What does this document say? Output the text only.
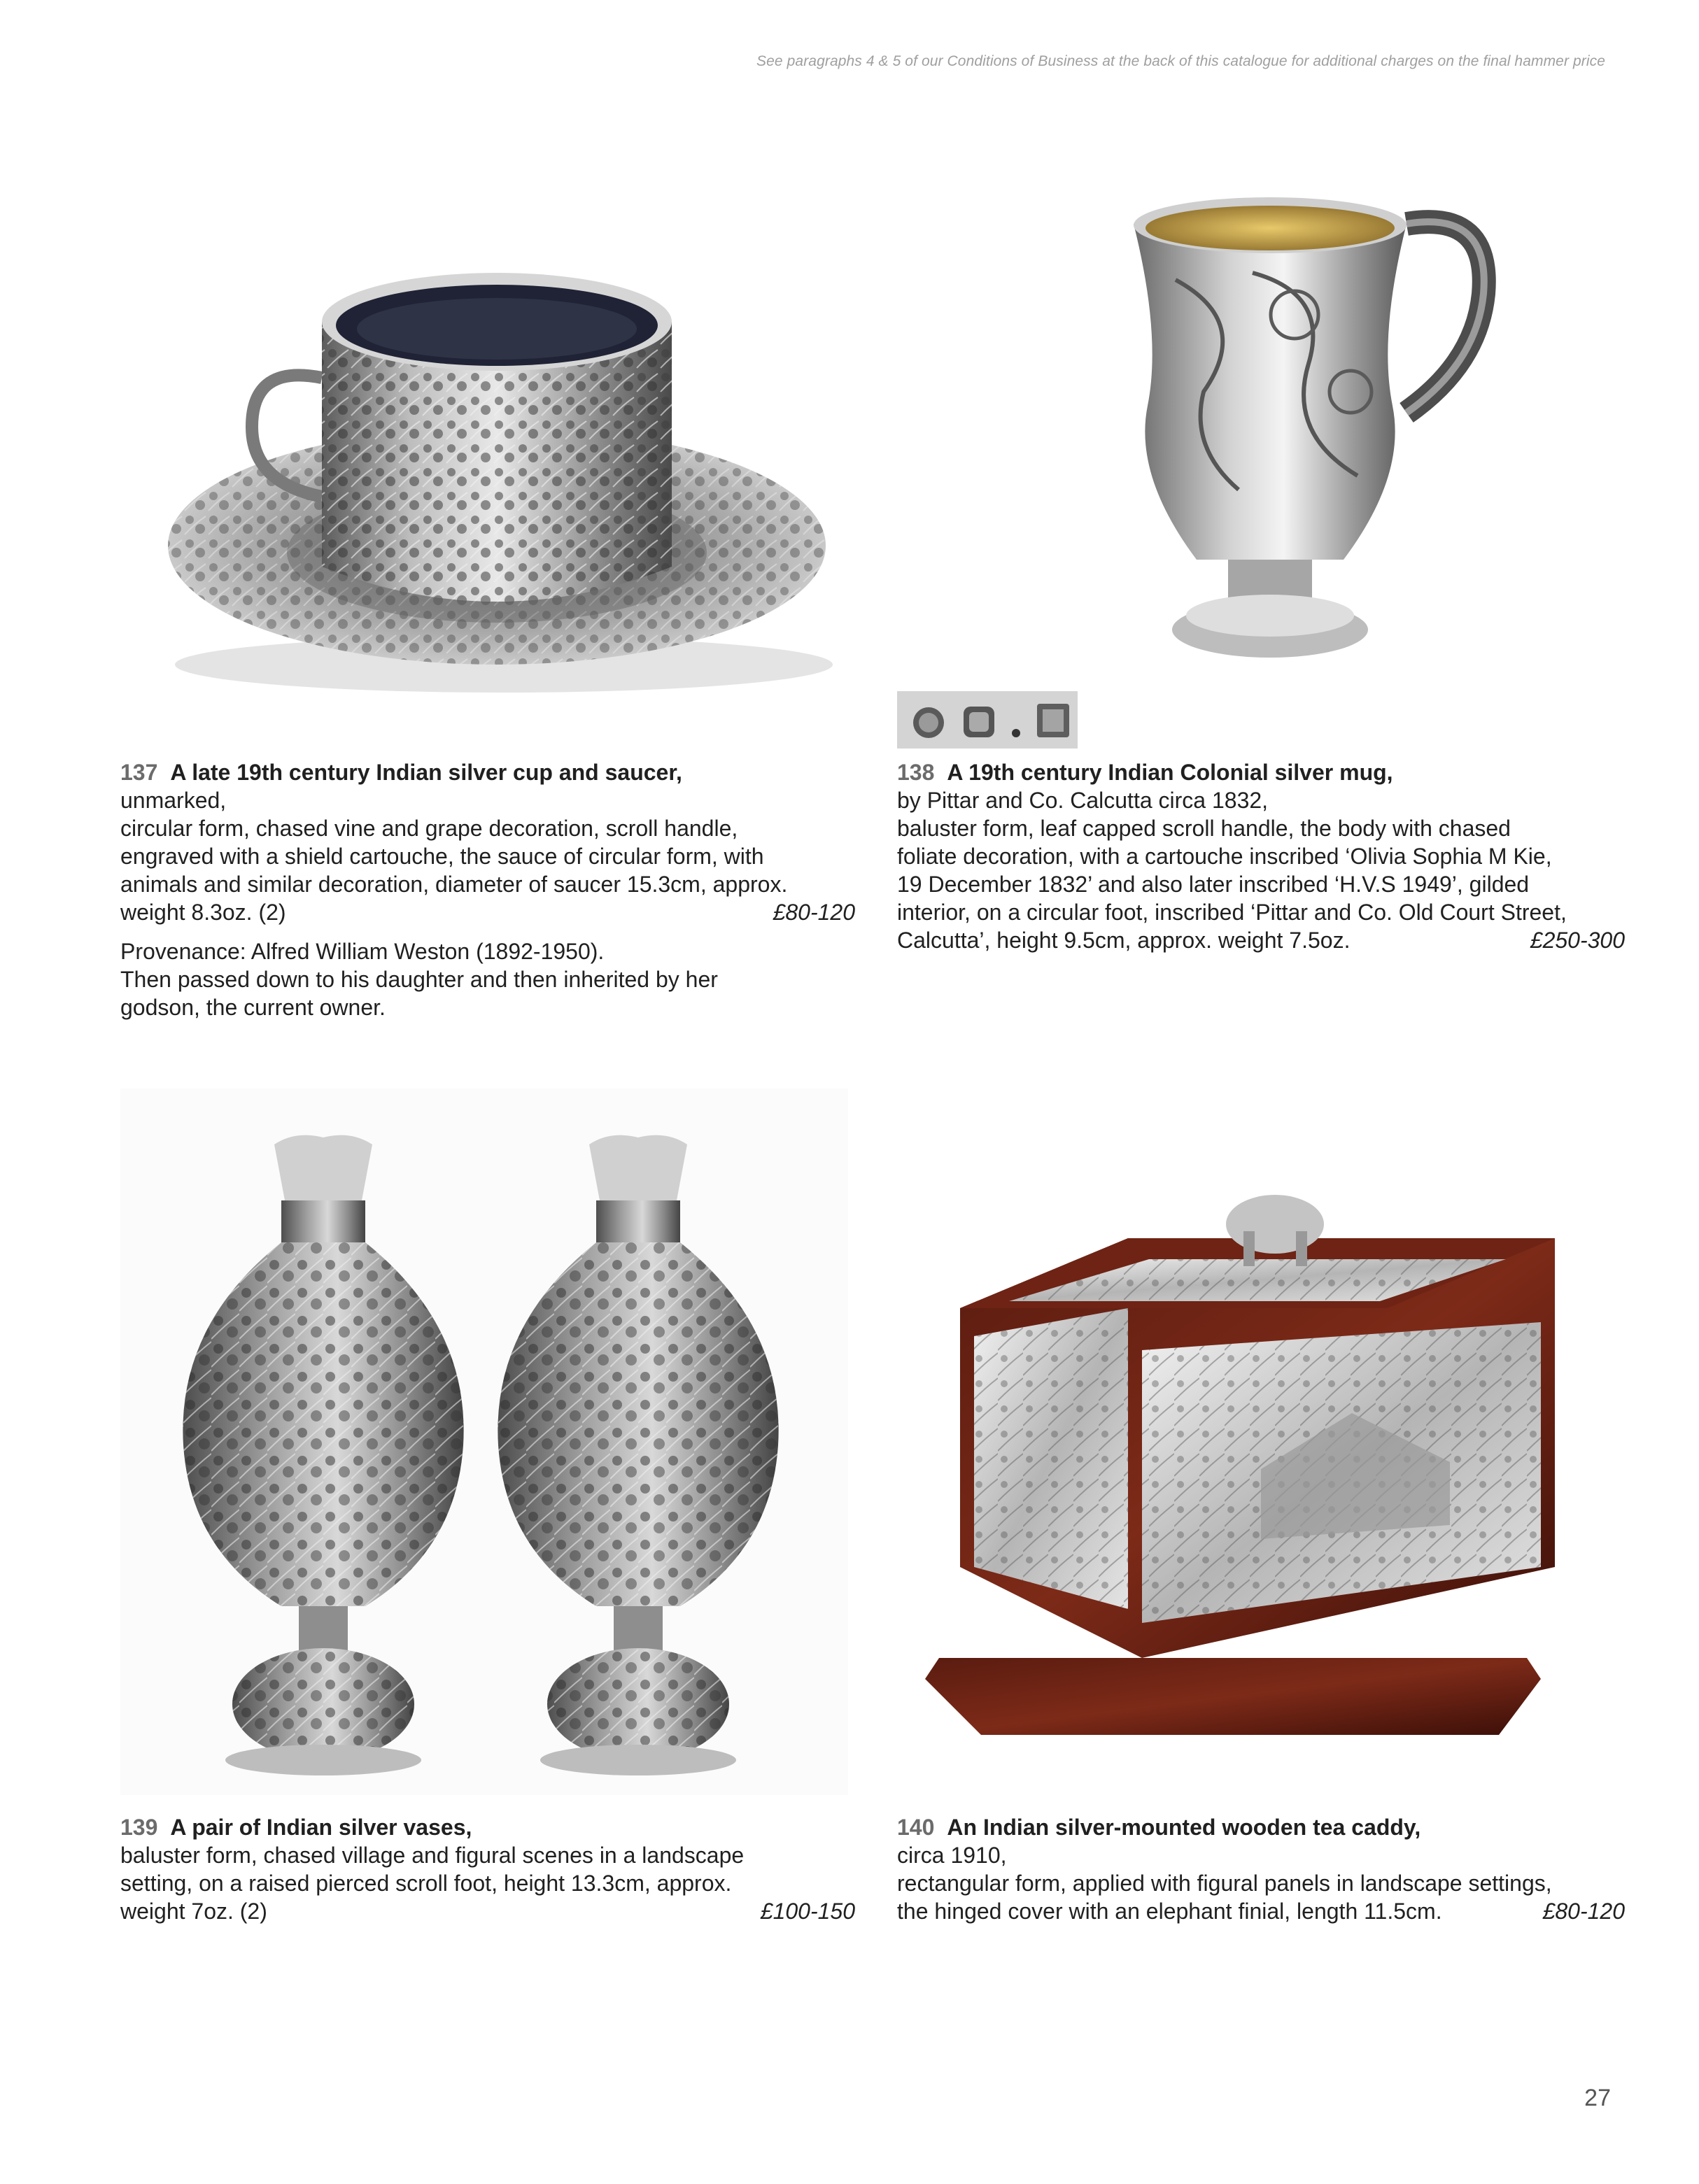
See paragraphs 4 & 5 of our Conditions of Business at the back of this catalogue for additional charges on the final hammer price

137 A late 19th century Indian silver cup and saucer,

unmarked,

circular form, chased vine and grape decoration, scroll handle,

engraved with a shield cartouche, the sauce of circular form, with

animals and similar decoration, diameter of saucer 15.3cm, approx.

weight 8.3oz. (2)	£80-120

Provenance: Alfred William Weston (1892-1950).

Then passed down to his daughter and then inherited by her

godson, the current owner.

138 A 19th century Indian Colonial silver mug,

by Pittar and Co. Calcutta circa 1832,

baluster form, leaf capped scroll handle, the body with chased

foliate decoration, with a cartouche inscribed ‘Olivia Sophia M Kie,

19 December 1832’ and also later inscribed ‘H.V.S 1949’, gilded

interior, on a circular foot, inscribed ‘Pittar and Co. Old Court Street,

Calcutta’, height 9.5cm, approx. weight 7.5oz.	£250-300

139 A pair of Indian silver vases,

baluster form, chased village and figural scenes in a landscape

setting, on a raised pierced scroll foot, height 13.3cm, approx.

weight 7oz. (2)	£100-150

140 An Indian silver-mounted wooden tea caddy,

circa 1910,

rectangular form, applied with figural panels in landscape settings,

the hinged cover with an elephant finial, length 11.5cm.	£80-120

27
